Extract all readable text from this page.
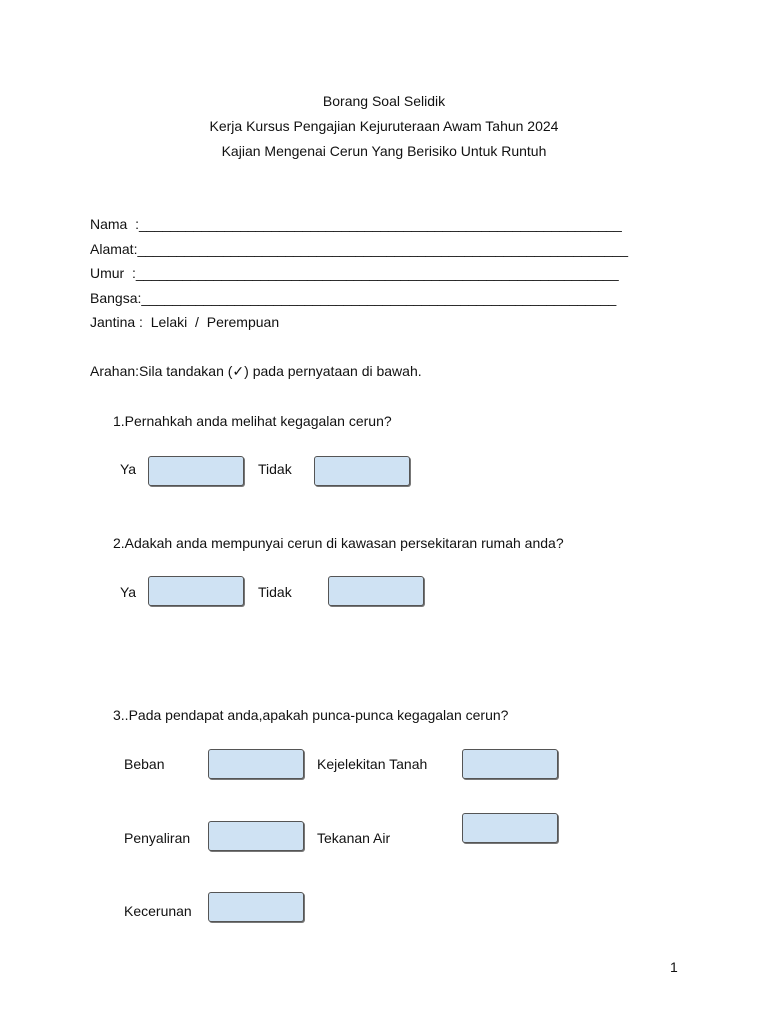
Borang Soal Selidik
Kerja Kursus Pengajian Kejuruteraan Awam Tahun 2024
Kajian Mengenai Cerun Yang Berisiko Untuk Runtuh
Nama  :______________________________________________________________
Alamat:_______________________________________________________________
Umur  :______________________________________________________________
Bangsa:_____________________________________________________________
Jantina :  Lelaki  /  Perempuan
Arahan:Sila tandakan (✓) pada pernyataan di bawah.
1.Pernahkah anda melihat kegagalan cerun?
Ya	Tidak
2.Adakah anda mempunyai cerun di kawasan persekitaran rumah anda?
Ya	Tidak
3..Pada pendapat anda,apakah punca-punca kegagalan cerun?
Beban	Kejelekitan Tanah
Penyaliran	Tekanan Air
Kecerunan
1
